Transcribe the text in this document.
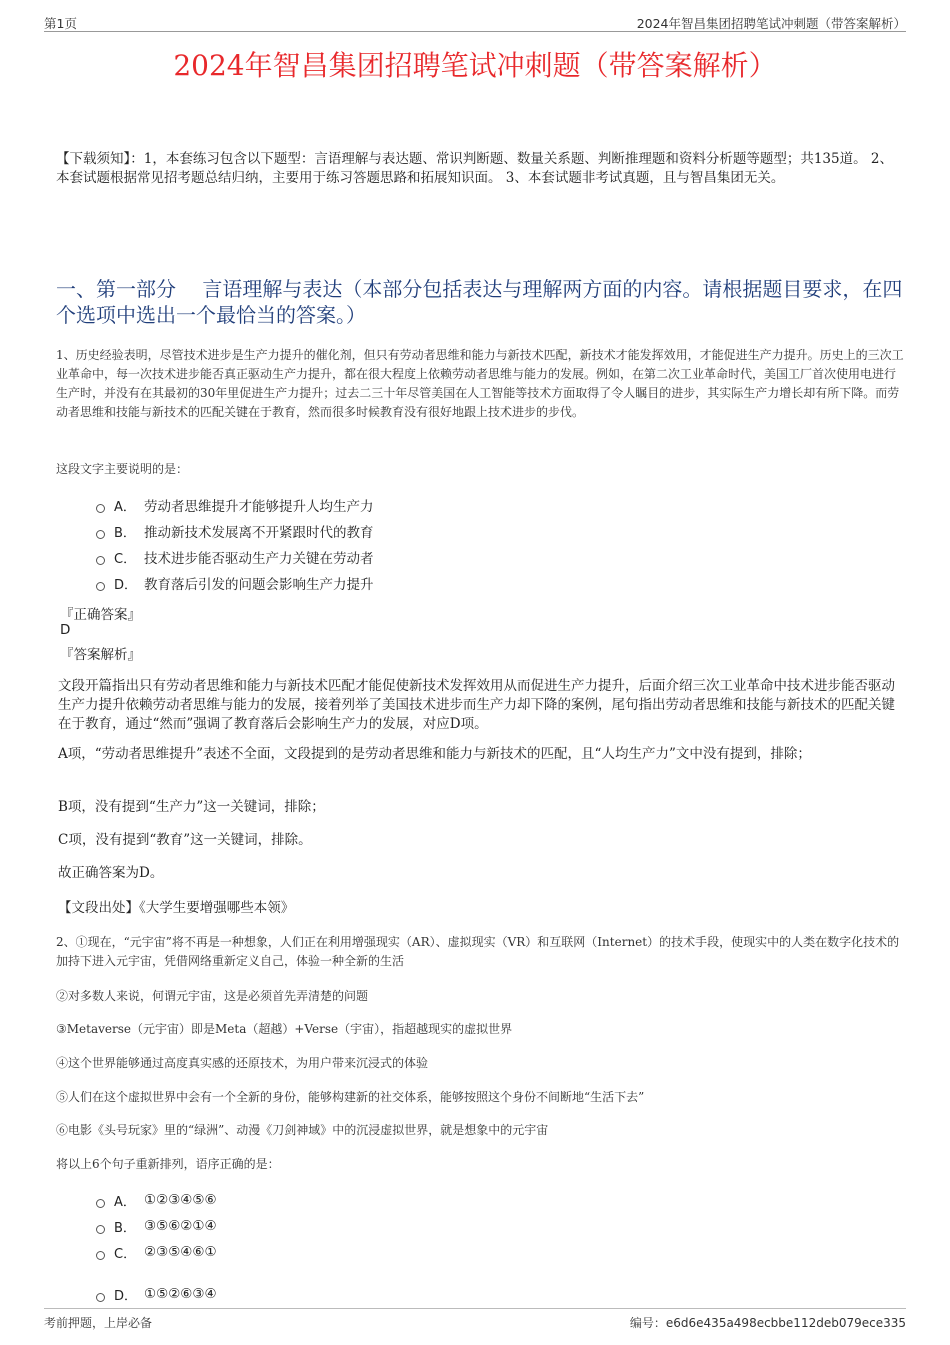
第1页	2024年智昌集团招聘笔试冲刺题（带答案解析）
2024年智昌集团招聘笔试冲刺题（带答案解析）
【下载须知】：1，本套练习包含以下题型：言语理解与表达题、常识判断题、数量关系题、判断推理题和资料分析题等题型；共135道。 2、本套试题根据常见招考题总结归纳，主要用于练习答题思路和拓展知识面。 3、本套试题非考试真题，且与智昌集团无关。
一、第一部分　 言语理解与表达（本部分包括表达与理解两方面的内容。请根据题目要求，在四个选项中选出一个最恰当的答案。）
1、历史经验表明，尽管技术进步是生产力提升的催化剂，但只有劳动者思维和能力与新技术匹配，新技术才能发挥效用，才能促进生产力提升。历史上的三次工业革命中，每一次技术进步能否真正驱动生产力提升，都在很大程度上依赖劳动者思维与能力的发展。例如，在第二次工业革命时代，美国工厂首次使用电进行生产时，并没有在其最初的30年里促进生产力提升；过去二三十年尽管美国在人工智能等技术方面取得了令人瞩目的进步，其实际生产力增长却有所下降。而劳动者思维和技能与新技术的匹配关键在于教育，然而很多时候教育没有很好地跟上技术进步的步伐。
这段文字主要说明的是：
A． 劳动者思维提升才能够提升人均生产力
B． 推动新技术发展离不开紧跟时代的教育
C． 技术进步能否驱动生产力关键在劳动者
D． 教育落后引发的问题会影响生产力提升
『正确答案』
D
『答案解析』
文段开篇指出只有劳动者思维和能力与新技术匹配才能促使新技术发挥效用从而促进生产力提升，后面介绍三次工业革命中技术进步能否驱动生产力提升依赖劳动者思维与能力的发展，接着列举了美国技术进步而生产力却下降的案例，尾句指出劳动者思维和技能与新技术的匹配关键在于教育，通过“然而”强调了教育落后会影响生产力的发展，对应D项。
A项，“劳动者思维提升”表述不全面，文段提到的是劳动者思维和能力与新技术的匹配，且“人均生产力”文中没有提到，排除；
B项，没有提到“生产力”这一关键词，排除；
C项，没有提到“教育”这一关键词，排除。
故正确答案为D。
【文段出处】《大学生要增强哪些本领》
2、①现在，“元宇宙”将不再是一种想象，人们正在利用增强现实（AR）、虚拟现实（VR）和互联网（Internet）的技术手段，使现实中的人类在数字化技术的加持下进入元宇宙，凭借网络重新定义自己，体验一种全新的生活
②对多数人来说，何谓元宇宙，这是必须首先弄清楚的问题
③Metaverse（元宇宙）即是Meta（超越）+Verse（宇宙），指超越现实的虚拟世界
④这个世界能够通过高度真实感的还原技术，为用户带来沉浸式的体验
⑤人们在这个虚拟世界中会有一个全新的身份，能够构建新的社交体系，能够按照这个身份不间断地“生活下去”
⑥电影《头号玩家》里的“绿洲”、动漫《刀剑神域》中的沉浸虚拟世界，就是想象中的元宇宙
将以上6个句子重新排列，语序正确的是：
A． ①②③④⑤⑥
B． ③⑤⑥②①④
C． ②③⑤④⑥①
D． ①⑤②⑥③④
考前押题，上岸必备	编号：e6d6e435a498ecbbe112deb079ece335
